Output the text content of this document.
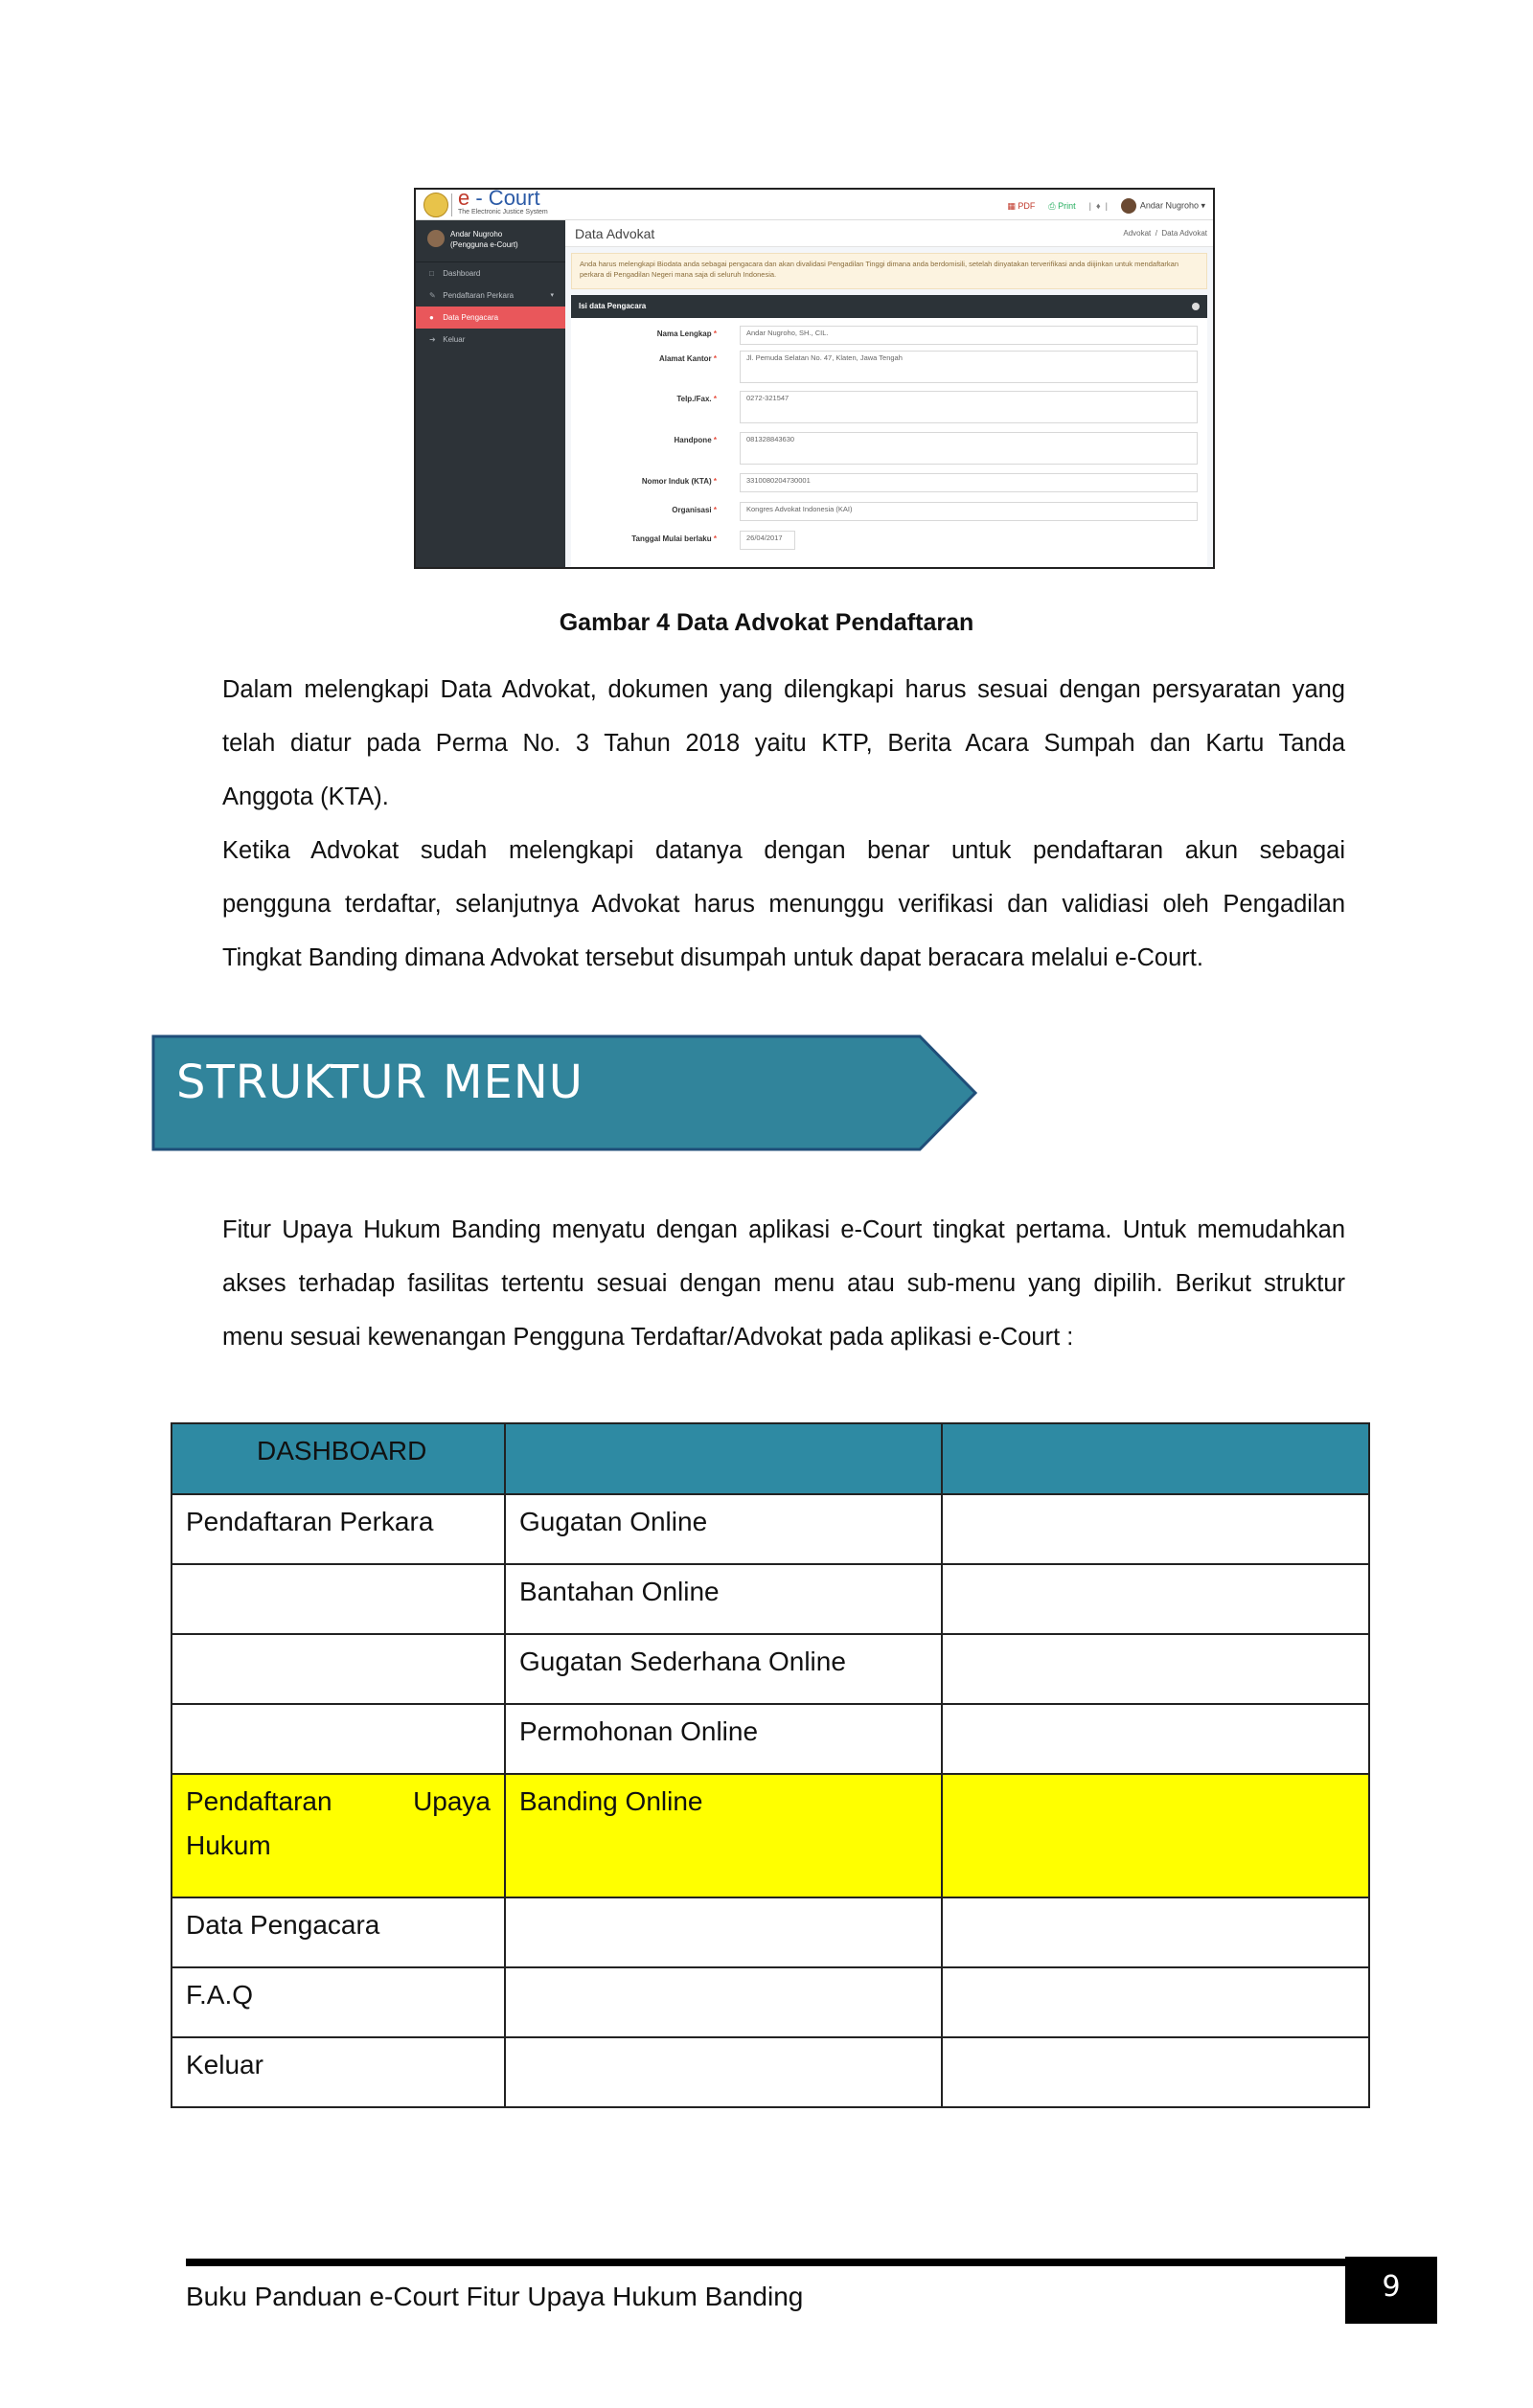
e - Court
The Electronic Justice System
▦ PDF ⎙ Print |  ♦  |	Andar Nugroho ▾
Andar Nugroho
(Pengguna e-Court)
□ Dashboard
✎ Pendaftaran Perkara	▾
● Data Pengacara
➜ Keluar
Data Advokat	Advokat  /  Data Advokat
Anda harus melengkapi Biodata anda sebagai pengacara dan akan divalidasi Pengadilan Tinggi dimana anda berdomisili, setelah dinyatakan terverifikasi anda diijinkan untuk mendaftarkan perkara di Pengadilan Negeri mana saja di seluruh Indonesia.
Isi data Pengacara
Nama Lengkap *	Andar Nugroho, SH., CIL.
Alamat Kantor *	Jl. Pemuda Selatan No. 47, Klaten, Jawa Tengah
Telp./Fax. *	0272-321547
Handpone *	081328843630
Nomor Induk (KTA) *	3310080204730001
Organisasi *	Kongres Advokat Indonesia (KAI)
Tanggal Mulai berlaku *	26/04/2017
Gambar 4 Data Advokat Pendaftaran
Dalam melengkapi Data Advokat, dokumen yang dilengkapi harus sesuai dengan persyaratan yang
telah diatur pada Perma No. 3 Tahun 2018 yaitu KTP, Berita Acara Sumpah dan Kartu Tanda
Anggota (KTA).
Ketika Advokat sudah melengkapi datanya dengan benar untuk pendaftaran akun sebagai
pengguna terdaftar, selanjutnya Advokat harus menunggu verifikasi dan validiasi oleh Pengadilan
Tingkat Banding dimana Advokat tersebut disumpah untuk dapat beracara melalui e-Court.
STRUKTUR MENU
Fitur Upaya Hukum Banding menyatu dengan aplikasi e-Court tingkat pertama. Untuk memudahkan
akses terhadap fasilitas tertentu sesuai dengan menu atau sub-menu yang dipilih. Berikut struktur
menu sesuai kewenangan Pengguna Terdaftar/Advokat pada aplikasi e-Court :
DASHBOARD		
Pendaftaran Perkara	Gugatan Online	
	Bantahan Online	
	Gugatan Sederhana Online	
	Permohonan Online	

Pendaftaran Upaya
Hukum	Banding Online	
Data Pengacara		
F.A.Q		
Keluar		
Buku Panduan e-Court Fitur Upaya Hukum Banding	9
